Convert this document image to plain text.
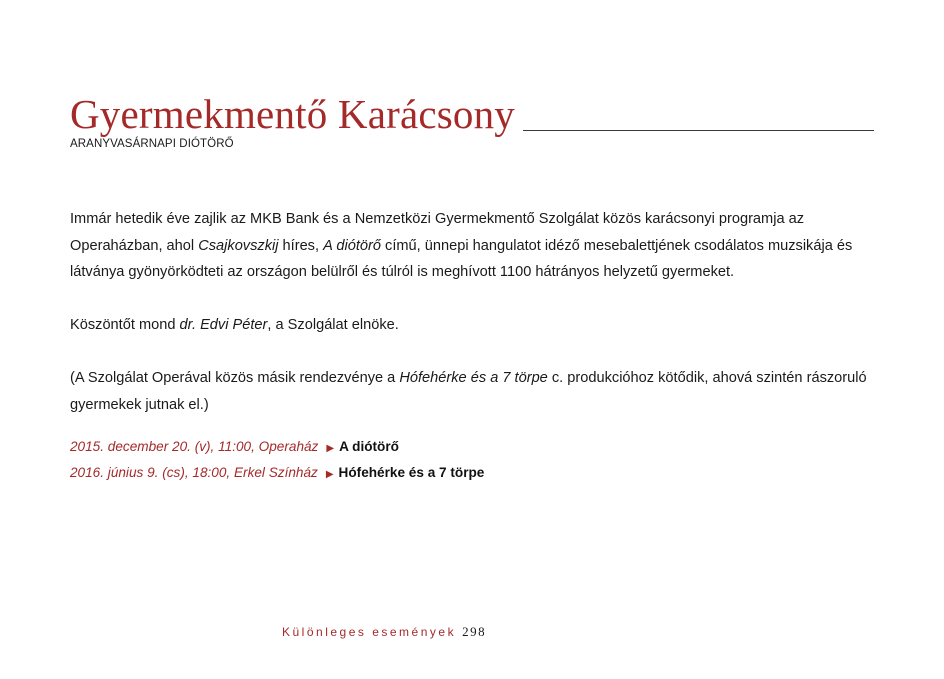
Gyermekmentő Karácsony
ARANYVASÁRNAPI DIÓTÖRŐ

Immár hetedik éve zajlik az MKB Bank és a Nemzetközi Gyermekmentő Szolgálat közös karácsonyi programja az Operaházban, ahol Csajkovszkij híres, A diótörő című, ünnepi hangulatot idéző mesebalettjének csodálatos muzsikája és látványa gyönyörködteti az országon belülről és túlról is meghívott 1100 hátrányos helyzetű gyermeket.

Köszöntőt mond dr. Edvi Péter, a Szolgálat elnöke.

(A Szolgálat Operával közös másik rendezvénye a Hófehérke és a 7 törpe c. produkcióhoz kötődik, ahová szintén rászoruló gyermekek jutnak el.)

2015. december 20. (v), 11:00, Operaház ▶ A diótörő
2016. június 9. (cs), 18:00, Erkel Színház ▶ Hófehérke és a 7 törpe
Különleges események 298
